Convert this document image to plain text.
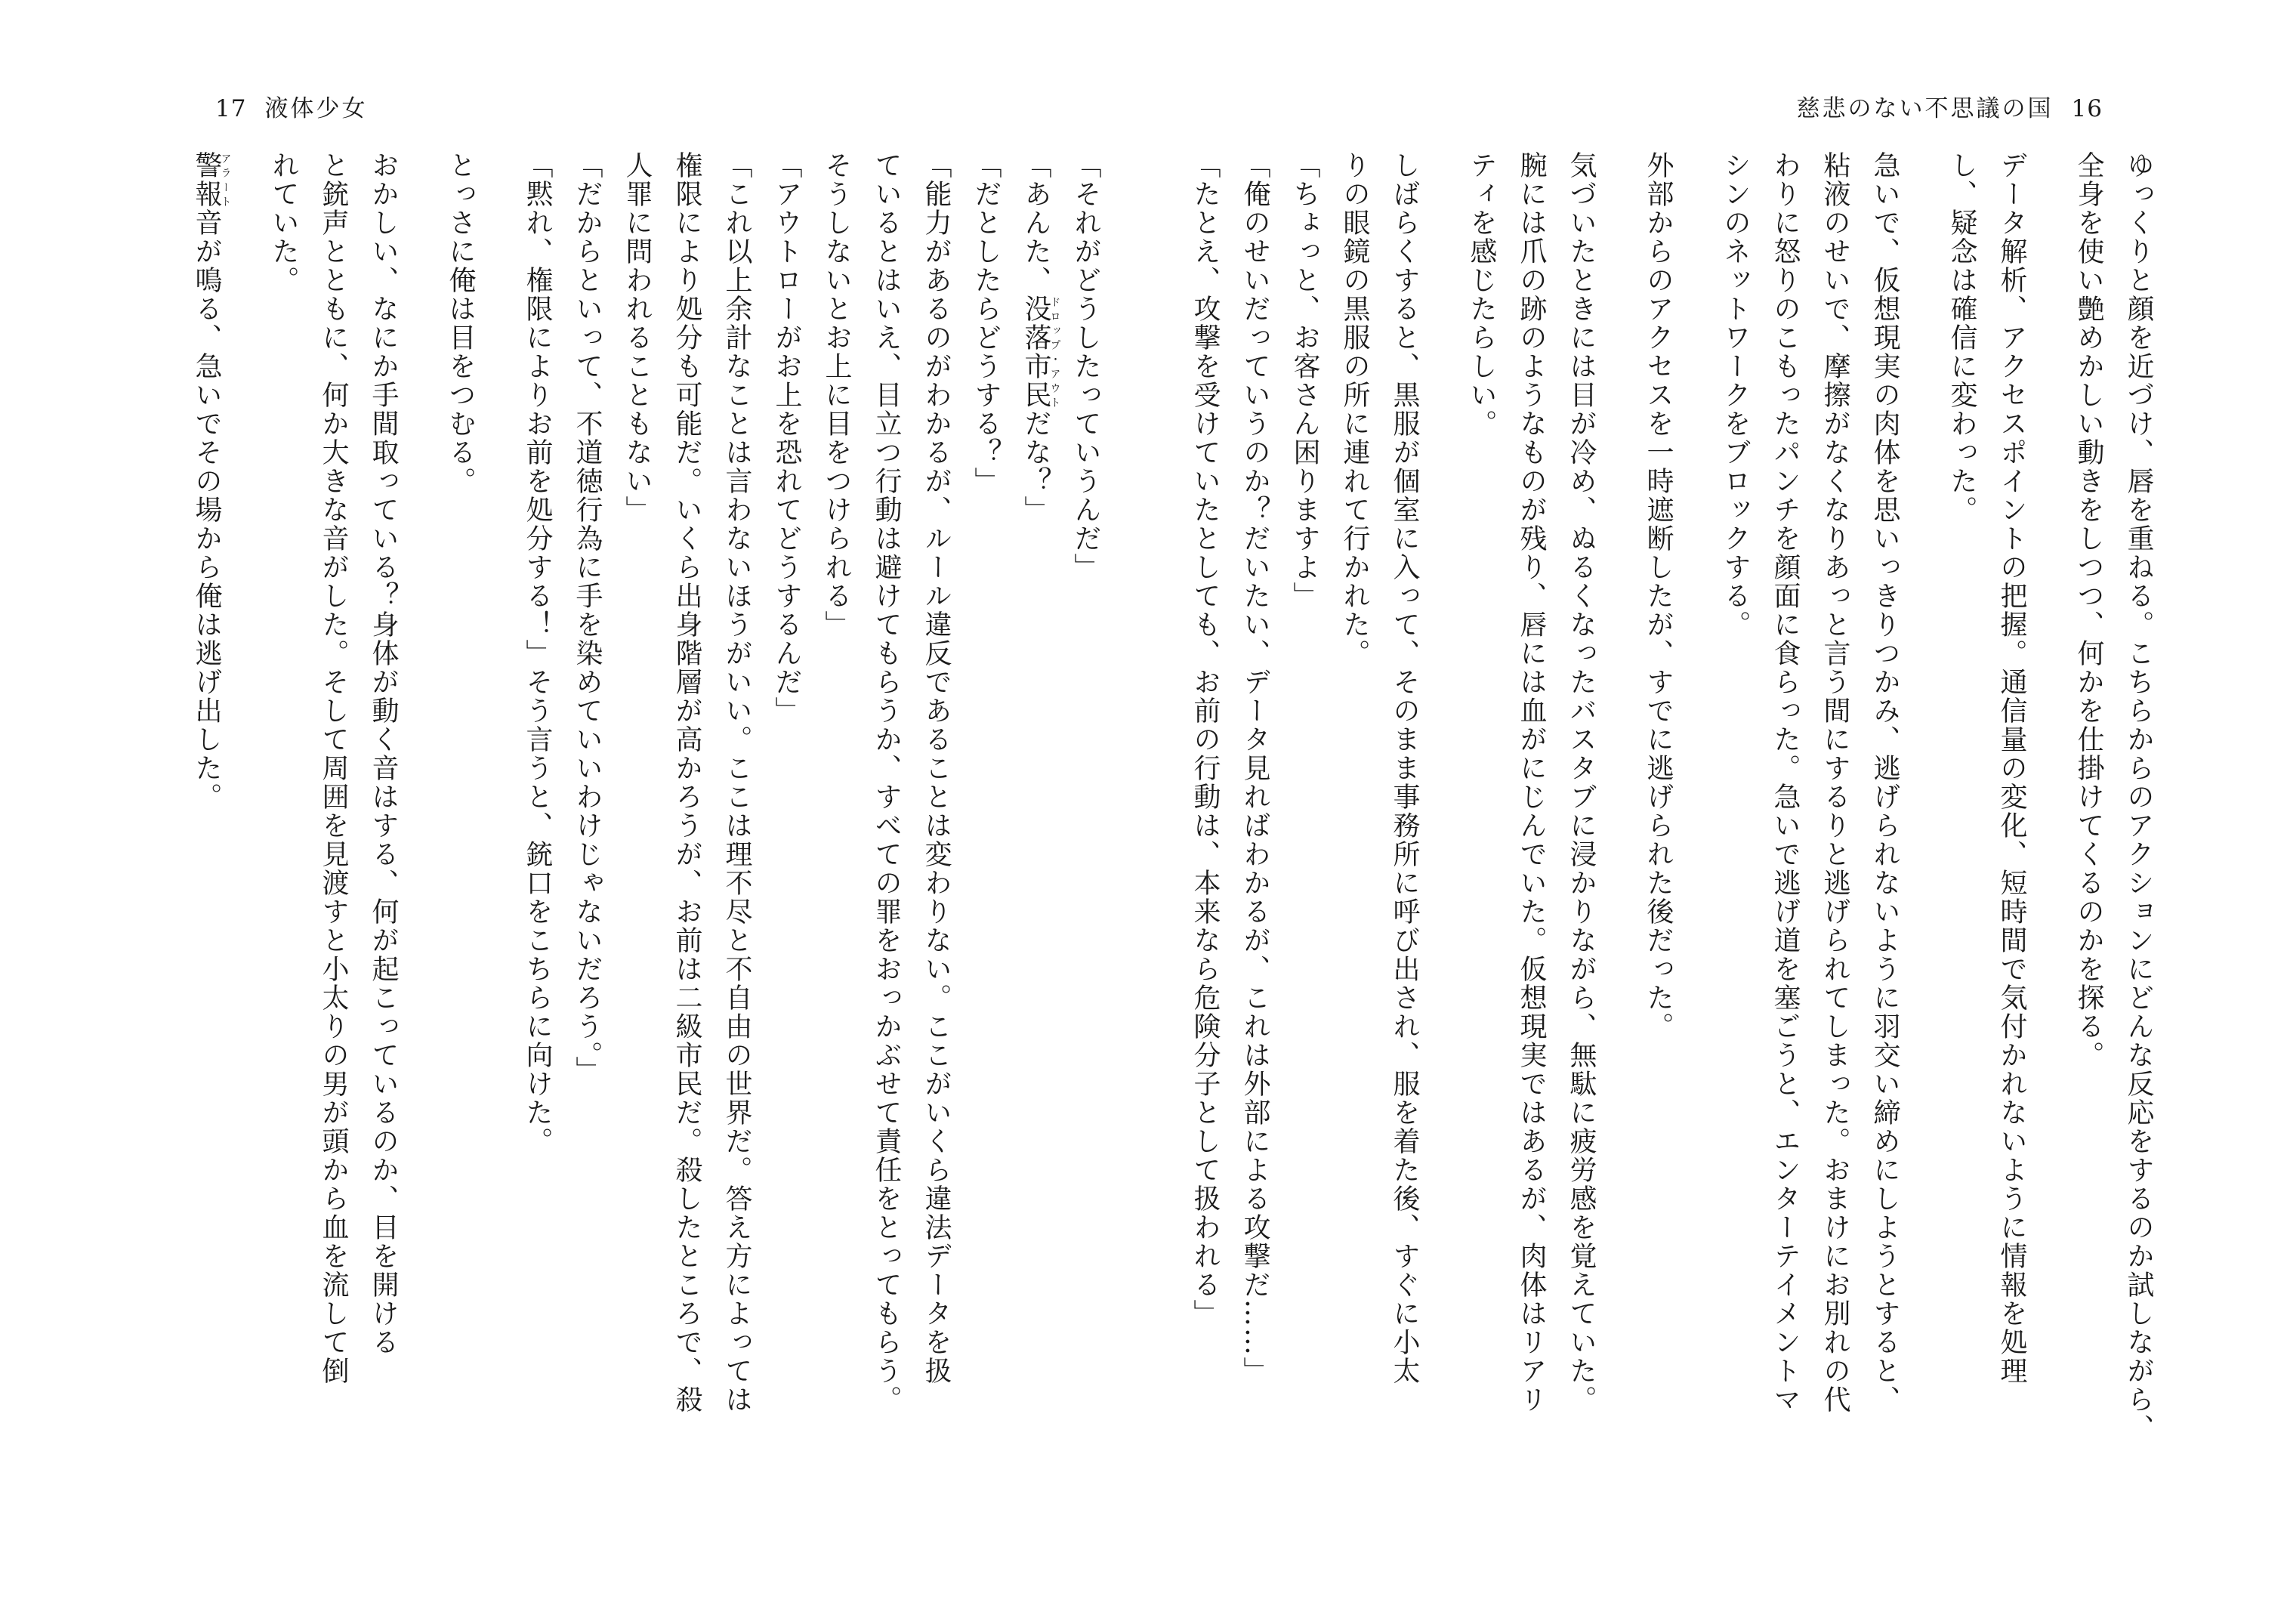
17 液体少女
「それがどうしたっていうんだ」
「あんた、没落市民ドロップ・アウトだな？」
「だとしたらどうする？」
「能力があるのがわかるが、ルール違反であることは変わりない。ここがいくら違法データを扱
ているとはいえ、目立つ行動は避けてもらうか、すべての罪をおっかぶせて責任をとってもらう。
そうしないとお上に目をつけられる」
「アウトローがお上を恐れてどうするんだ」
「これ以上余計なことは言わないほうがいい。ここは理不尽と不自由の世界だ。答え方によっては
権限により処分も可能だ。いくら出身階層が高かろうが、お前は二級市民だ。殺したところで、殺
人罪に問われることもない」
「だからといって、不道徳行為に手を染めていいわけじゃないだろう。」
「黙れ、権限によりお前を処分する！」そう言うと、銃口をこちらに向けた。
とっさに俺は目をつむる。
おかしい、なにか手間取っている？身体が動く音はする、何が起こっているのか、目を開ける
と銃声とともに、何か大きな音がした。そして周囲を見渡すと小太りの男が頭から血を流して倒
れていた。
警報アラート音が鳴る、急いでその場から俺は逃げ出した。
慈悲のない不思議の国 16
ゆっくりと顔を近づけ、唇を重ねる。こちらからのアクションにどんな反応をするのか試しながら、
全身を使い艶めかしい動きをしつつ、何かを仕掛けてくるのかを探る。
データ解析、アクセスポイントの把握。通信量の変化、短時間で気付かれないように情報を処理
し、疑念は確信に変わった。
急いで、仮想現実の肉体を思いっきりつかみ、逃げられないように羽交い締めにしようとすると、
粘液のせいで、摩擦がなくなりあっと言う間にするりと逃げられてしまった。おまけにお別れの代
わりに怒りのこもったパンチを顔面に食らった。急いで逃げ道を塞ごうと、エンターテイメントマ
シンのネットワークをブロックする。
外部からのアクセスを一時遮断したが、すでに逃げられた後だった。
気づいたときには目が冷め、ぬるくなったバスタブに浸かりながら、無駄に疲労感を覚えていた。
腕には爪の跡のようなものが残り、唇には血がにじんでいた。仮想現実ではあるが、肉体はリアリ
ティを感じたらしい。
しばらくすると、黒服が個室に入って、そのまま事務所に呼び出され、服を着た後、すぐに小太
りの眼鏡の黒服の所に連れて行かれた。
「ちょっと、お客さん困りますよ」
「俺のせいだっていうのか？だいたい、データ見ればわかるが、これは外部による攻撃だ……」
「たとえ、攻撃を受けていたとしても、お前の行動は、本来なら危険分子として扱われる」
